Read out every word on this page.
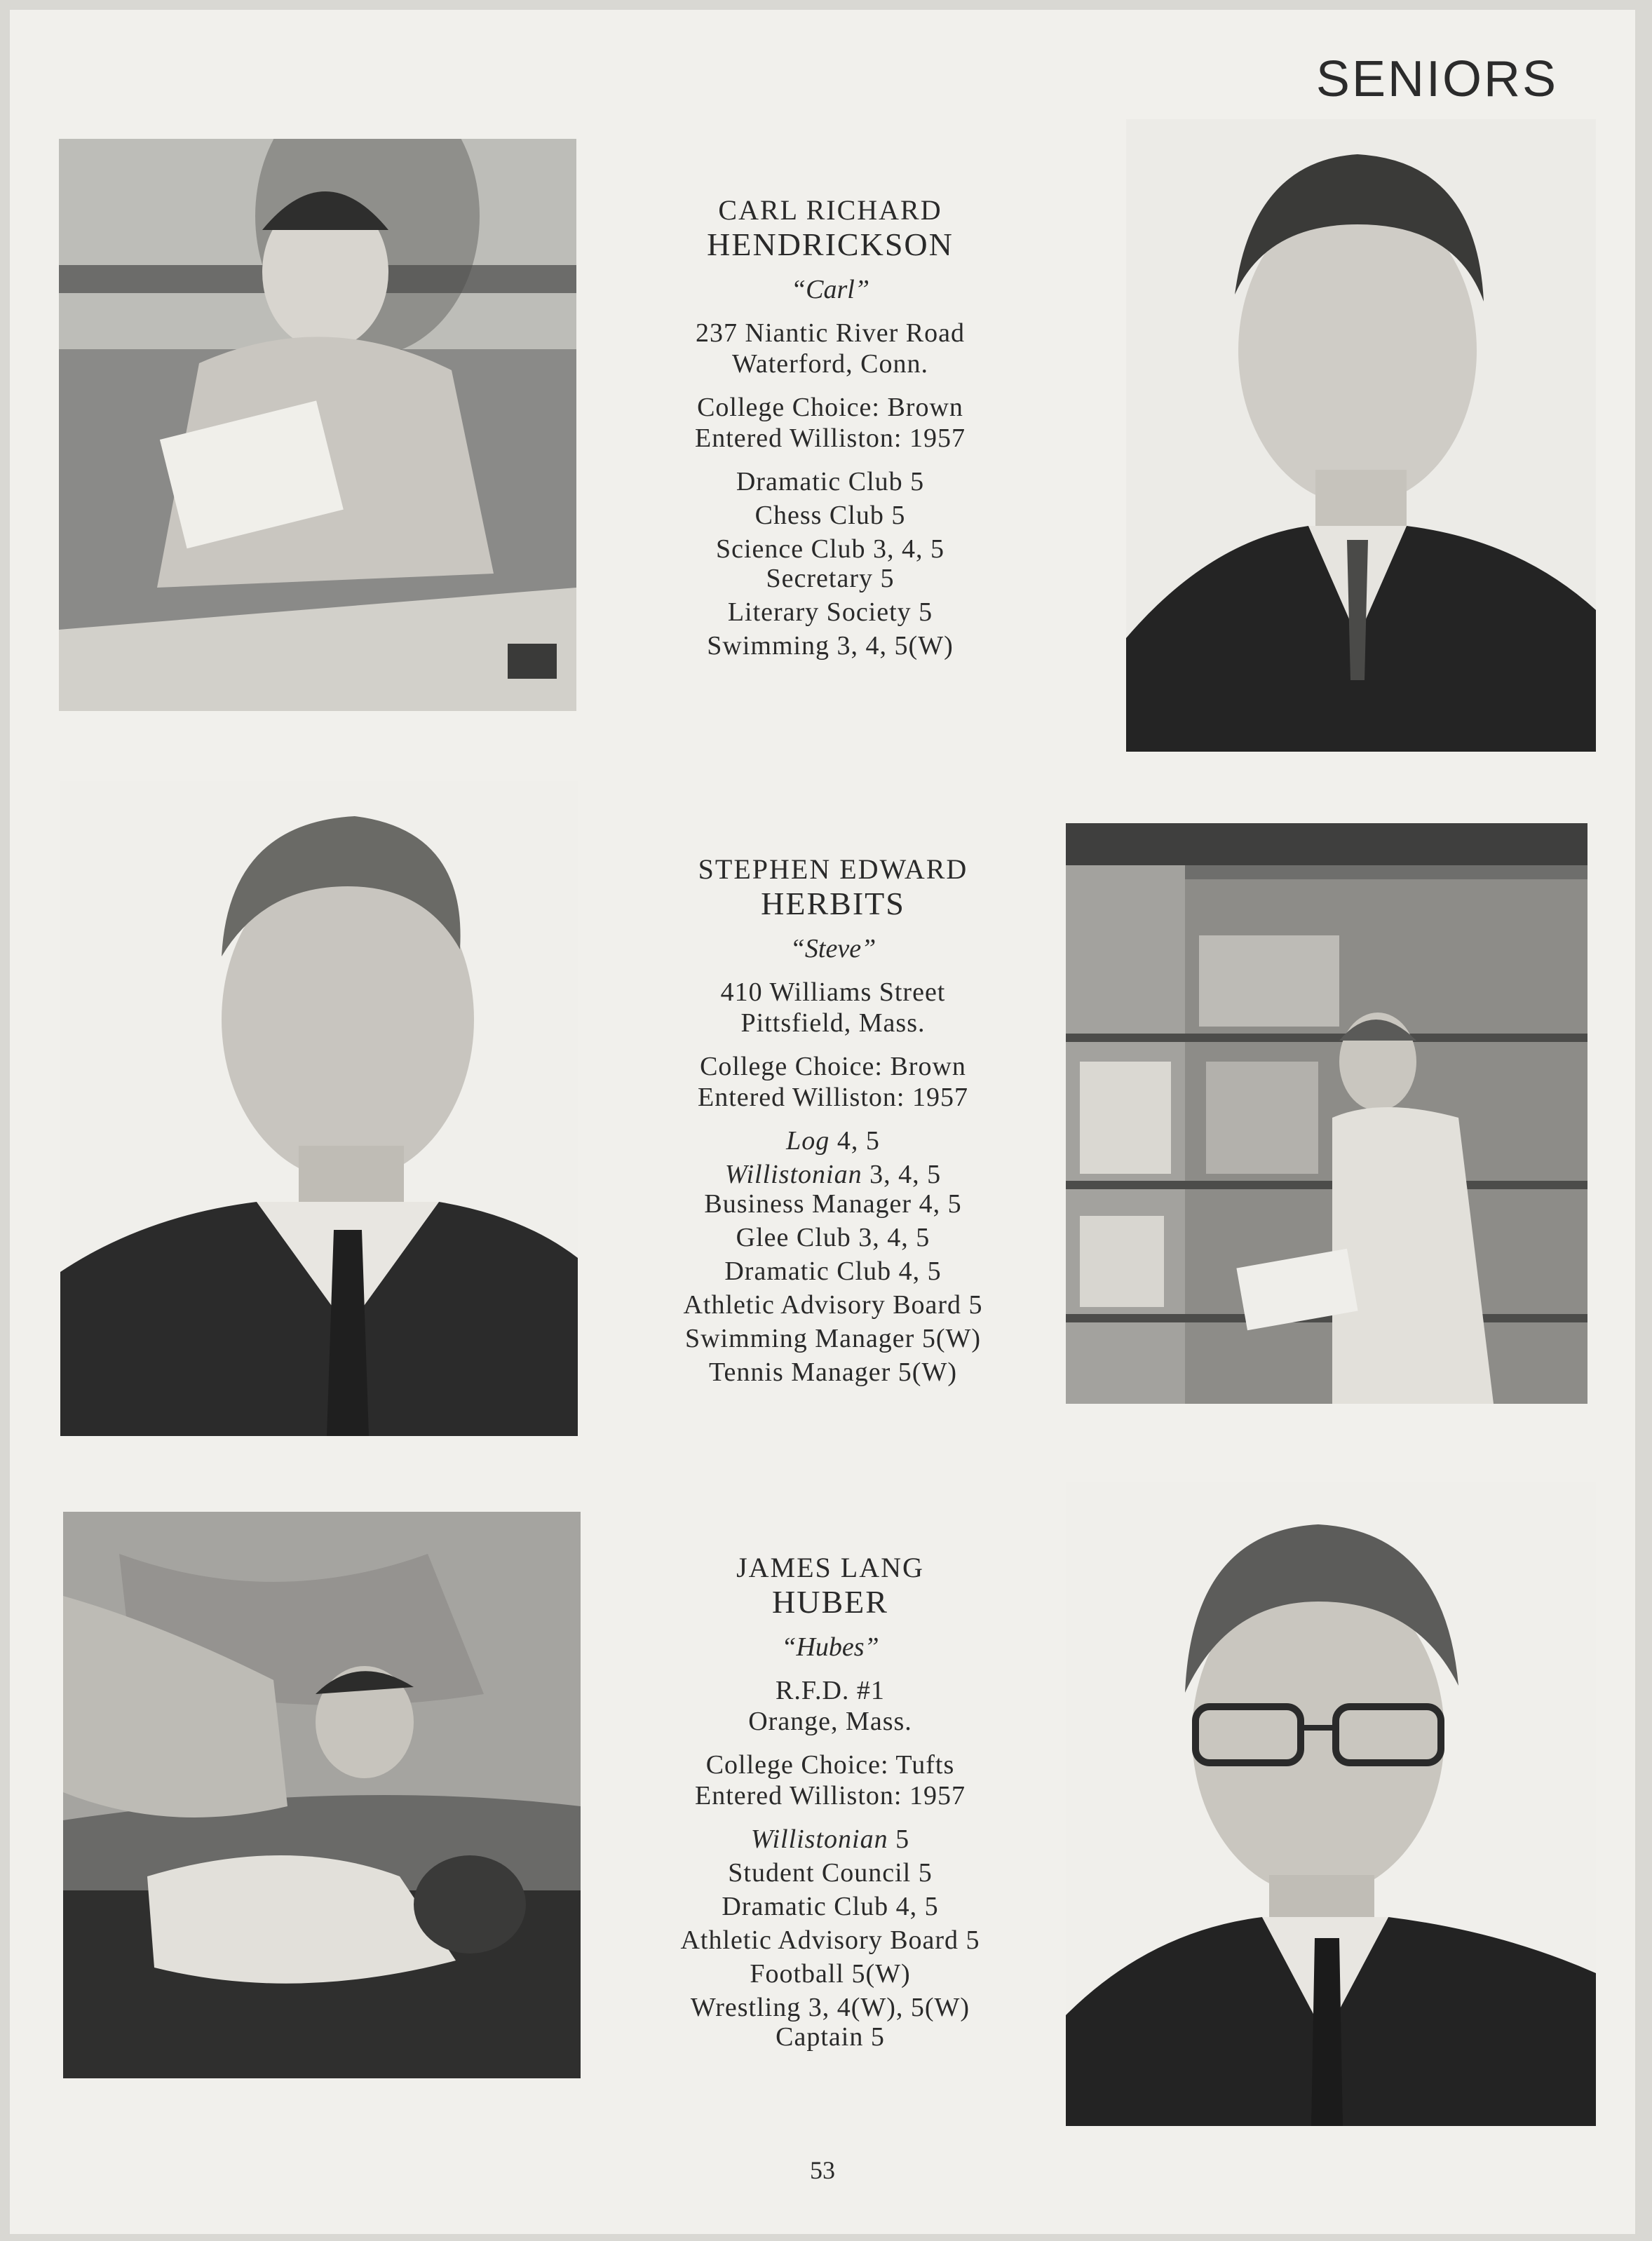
SENIORS
CARL RICHARD
HENDRICKSON
“Carl”
237 Niantic River Road
Waterford, Conn.
College Choice: Brown
Entered Williston: 1957
Dramatic Club 5
Chess Club 5
Science Club 3, 4, 5
Secretary 5
Literary Society 5
Swimming 3, 4, 5(W)
STEPHEN EDWARD
HERBITS
“Steve”
410 Williams Street
Pittsfield, Mass.
College Choice: Brown
Entered Williston: 1957
Log 4, 5
Willistonian 3, 4, 5
Business Manager 4, 5
Glee Club 3, 4, 5
Dramatic Club 4, 5
Athletic Advisory Board 5
Swimming Manager 5(W)
Tennis Manager 5(W)
JAMES LANG
HUBER
“Hubes”
R.F.D. #1
Orange, Mass.
College Choice: Tufts
Entered Williston: 1957
Willistonian 5
Student Council 5
Dramatic Club 4, 5
Athletic Advisory Board 5
Football 5(W)
Wrestling 3, 4(W), 5(W)
Captain 5
53
